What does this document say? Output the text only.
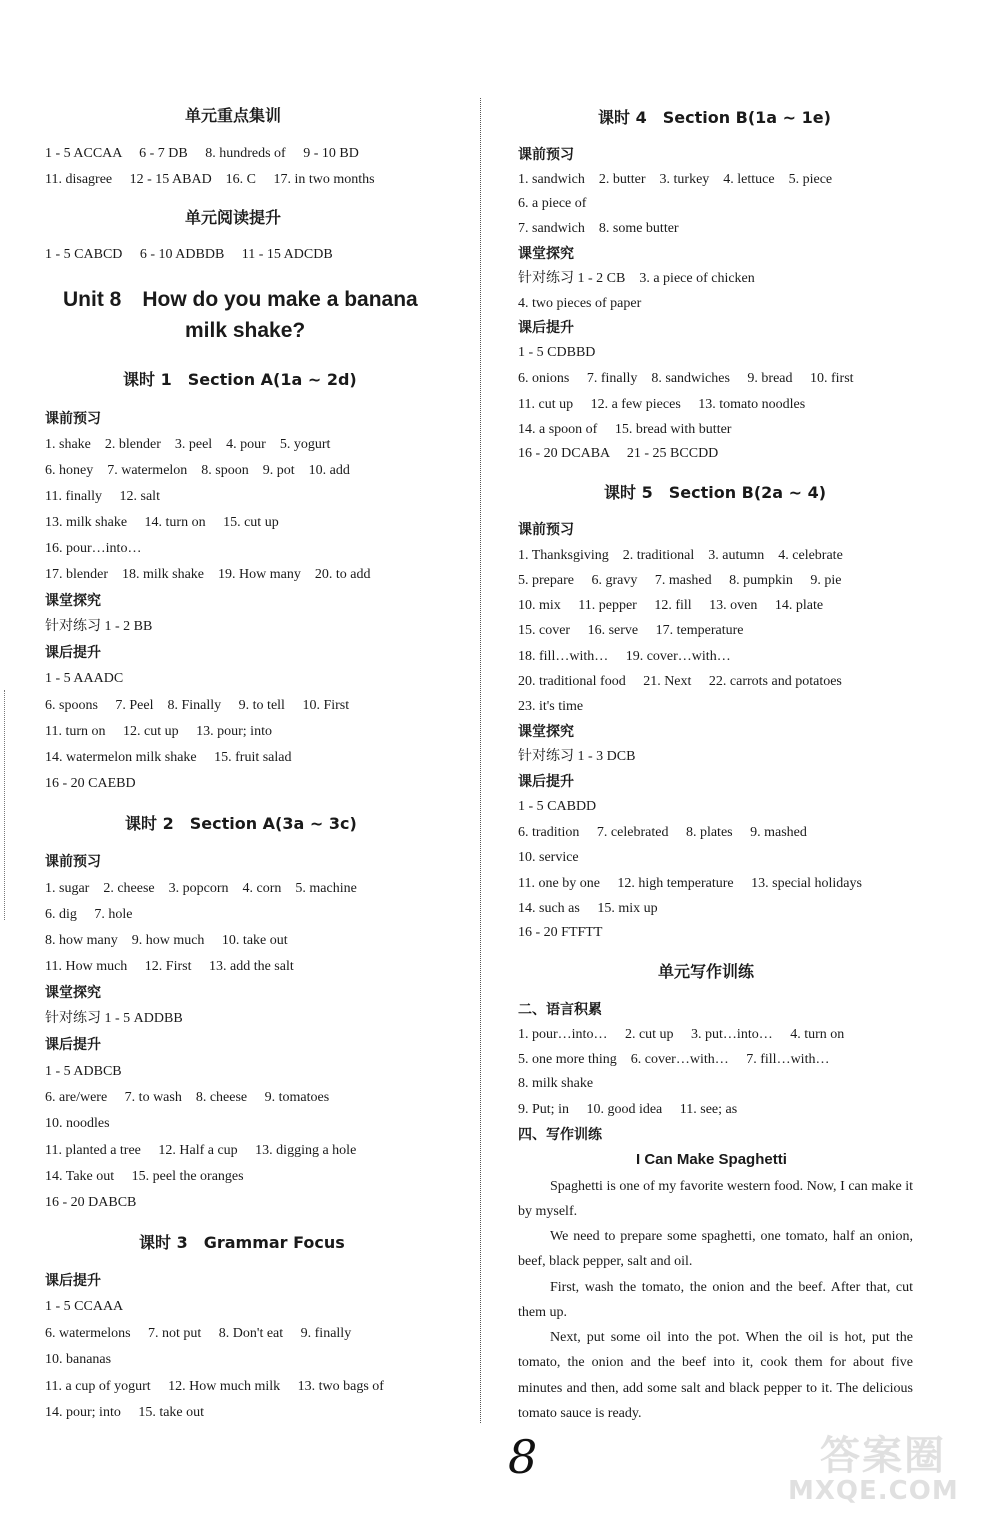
单元重点集训
1 - 5 ACCAA　 6 - 7 DB　 8. hundreds of　 9 - 10 BD
11. disagree　 12 - 15 ABAD　16. C　 17. in two months
单元阅读提升
1 - 5 CABCD　 6 - 10 ADBDB　 11 - 15 ADCDB
Unit 8　How do you make a banana
milk shake?
课时 1　Section A(1a ~ 2d)
课前预习
1. shake　2. blender　3. peel　4. pour　5. yogurt
6. honey　7. watermelon　8. spoon　9. pot　10. add
11. finally　 12. salt
13. milk shake　 14. turn on　 15. cut up
16. pour…into…
17. blender　18. milk shake　19. How many　20. to add
课堂探究
针对练习 1 - 2 BB
课后提升
1 - 5 AAADC
6. spoons　 7. Peel　8. Finally　 9. to tell　 10. First
11. turn on　 12. cut up　 13. pour; into
14. watermelon milk shake　 15. fruit salad
16 - 20 CAEBD
课时 2　Section A(3a ~ 3c)
课前预习
1. sugar　2. cheese　3. popcorn　4. corn　5. machine
6. dig　 7. hole
8. how many　9. how much　 10. take out
11. How much　 12. First　 13. add the salt
课堂探究
针对练习 1 - 5 ADDBB
课后提升
1 - 5 ADBCB
6. are/were　 7. to wash　8. cheese　 9. tomatoes
10. noodles
11. planted a tree　 12. Half a cup　 13. digging a hole
14. Take out　 15. peel the oranges
16 - 20 DABCB
课时 3　Grammar Focus
课后提升
1 - 5 CCAAA
6. watermelons　 7. not put　 8. Don't eat　 9. finally
10. bananas
11. a cup of yogurt　 12. How much milk　 13. two bags of
14. pour; into　 15. take out
课时 4　Section B(1a ~ 1e)
课前预习
1. sandwich　2. butter　3. turkey　4. lettuce　5. piece
6. a piece of
7. sandwich　8. some butter
课堂探究
针对练习 1 - 2 CB　3. a piece of chicken
4. two pieces of paper
课后提升
1 - 5 CDBBD
6. onions　 7. finally　8. sandwiches　 9. bread　 10. first
11. cut up　 12. a few pieces　 13. tomato noodles
14. a spoon of　 15. bread with butter
16 - 20 DCABA　 21 - 25 BCCDD
课时 5　Section B(2a ~ 4)
课前预习
1. Thanksgiving　2. traditional　3. autumn　4. celebrate
5. prepare　 6. gravy　 7. mashed　 8. pumpkin　 9. pie
10. mix　 11. pepper　 12. fill　 13. oven　 14. plate
15. cover　 16. serve　 17. temperature
18. fill…with…　 19. cover…with…
20. traditional food　 21. Next　 22. carrots and potatoes
23. it's time
课堂探究
针对练习 1 - 3 DCB
课后提升
1 - 5 CABDD
6. tradition　 7. celebrated　 8. plates　 9. mashed
10. service
11. one by one　 12. high temperature　 13. special holidays
14. such as　 15. mix up
16 - 20 FTFTT
单元写作训练
二、语言积累
1. pour…into…　 2. cut up　 3. put…into…　 4. turn on
5. one more thing　6. cover…with…　 7. fill…with…
8. milk shake
9. Put; in　 10. good idea　 11. see; as
四、写作训练
I Can Make Spaghetti
Spaghetti is one of my favorite western food. Now, I can make it by myself.
We need to prepare some spaghetti, one tomato, half an onion, beef, black pepper, salt and oil.
First, wash the tomato, the onion and the beef. After that, cut them up.
Next, put some oil into the pot. When the oil is hot, put the tomato, the onion and the beef into it, cook them for about five minutes and then, add some salt and black pepper to it. The delicious tomato sauce is ready.
8	答案圈
MXQE.COM
